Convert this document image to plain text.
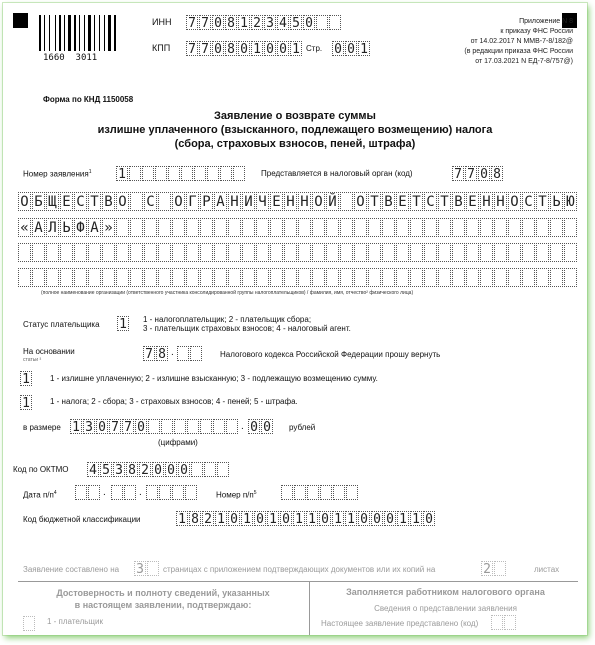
1660 3011
ИНН 7 7 0 8 1 2 3 4 5 0
КПП 7 7 0 8 0 1 0 0 1 Стр. 0 0 1
Приложение N 8
к приказу ФНС России
от 14.02.2017 N ММВ-7-8/182@
(в редакции приказа ФНС России
от 17.03.2021 N ЕД-7-8/757@)
Форма по КНД 1150058
Заявление о возврате суммы
излишне уплаченного (взысканного, подлежащего возмещению) налога
(сбора, страховых взносов, пеней, штрафа)
Номер заявления$^1$ 1	Представляется в налоговый орган (код)	7 7 0 8
О Б Щ Е С Т В О С О Г Р А Н И Ч Е Н Н О Й О Т В Е Т С Т В Е Н Н О С Т Ь Ю
« А Л Ь Ф А »
(полное наименование организации (ответственного участника консолидированной группы налогоплательщиков) / фамилия, имя, отчество² физического лица)
Статус плательщика 1 1 - налогоплательщик; 2 - плательщик сбора;
3 - плательщик страховых взносов; 4 - налоговый агент.
На основании
статьи ³	7 8 .	Налогового кодекса Российской Федерации прошу вернуть
1	1 - излишне уплаченную; 2 - излишне взысканную; 3 - подлежащую возмещению сумму.
1	1 - налога; 2 - сбора; 3 - страховых взносов; 4 - пеней; 5 - штрафа.
в размере 1 3 0 7 7 0	. 0 0 рублей
(цифрами)
Код по ОКТМО 4 5 3 8 2 0 0 0
Дата $п/п^4$	.	.	Номер $п/п^5$
Код бюджетной классификации	1 8 2 1 0 1 0 1 0 1 1 0 1 1 0 0 0 1 1 0
Заявление составлено на 3 страницах с приложением подтверждающих документов или их копий на	2	листах
Достоверность и полноту сведений, указанных
в настоящем заявлении, подтверждаю:
1 - плательщик
Заполняется работником налогового органа
Сведения о представлении заявления
Настоящее заявление представлено (код)
